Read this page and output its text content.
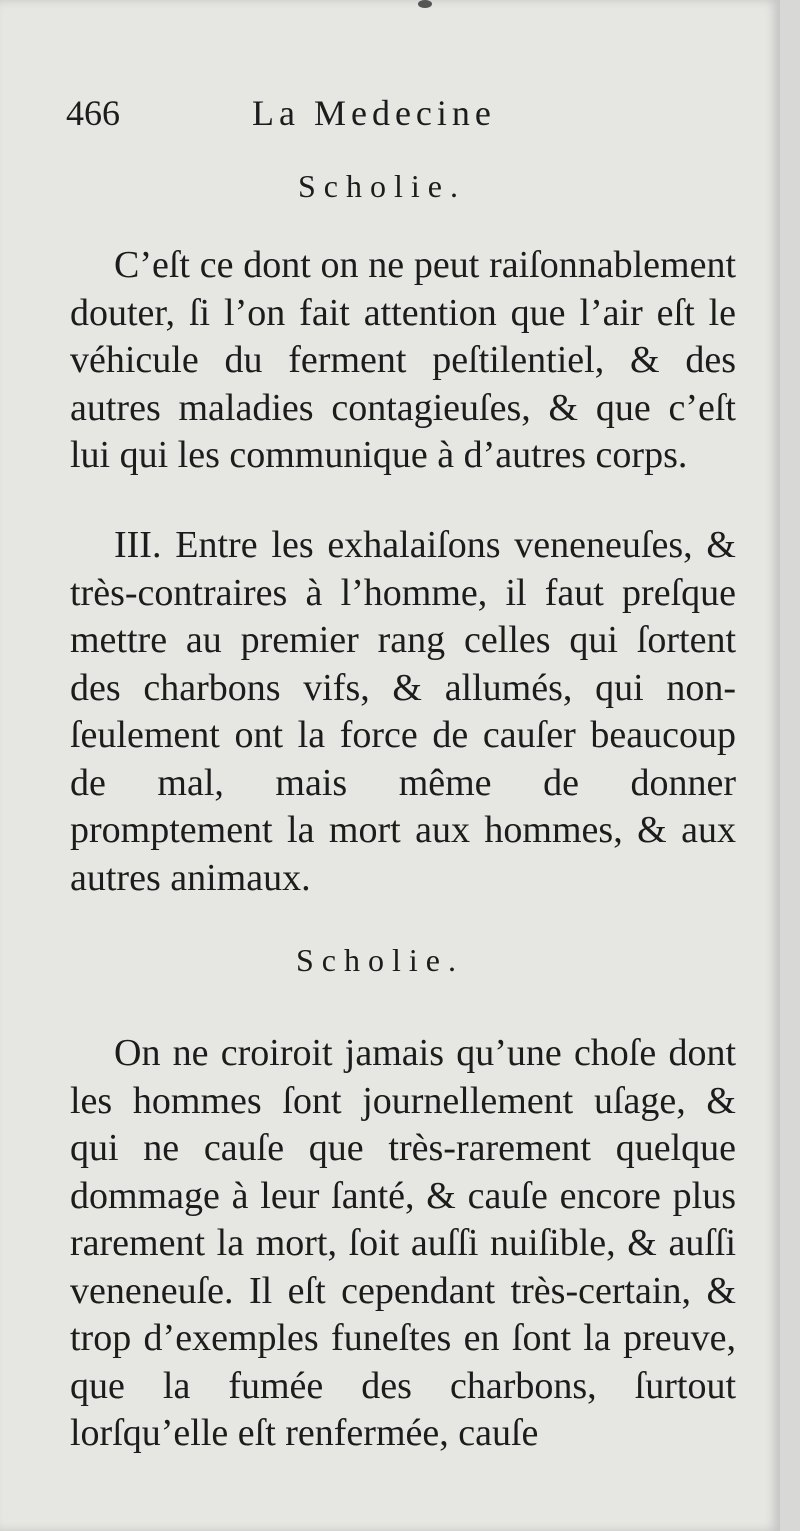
466	La Medecine
Scholie.
C’eſt ce dont on ne peut raiſonnablement douter, ſi l’on fait attention que l’air eſt le véhicule du ferment peſtilentiel, & des autres maladies contagieuſes, & que c’eſt lui qui les communique à d’autres corps.
III. Entre les exhalaiſons veneneuſes, & très-contraires à l’homme, il faut preſque mettre au premier rang celles qui ſortent des charbons vifs, & allumés, qui non-ſeulement ont la force de cauſer beaucoup de mal, mais même de donner promptement la mort aux hommes, & aux autres animaux.
Scholie.
On ne croiroit jamais qu’une choſe dont les hommes ſont journellement uſage, & qui ne cauſe que très-rarement quelque dommage à leur ſanté, & cauſe encore plus rarement la mort, ſoit auſſi nuiſible, & auſſi veneneuſe. Il eſt cependant très-certain, & trop d’exemples funeſtes en ſont la preuve, que la fumée des charbons, ſurtout lorſqu’elle eſt renfermée, cauſe
